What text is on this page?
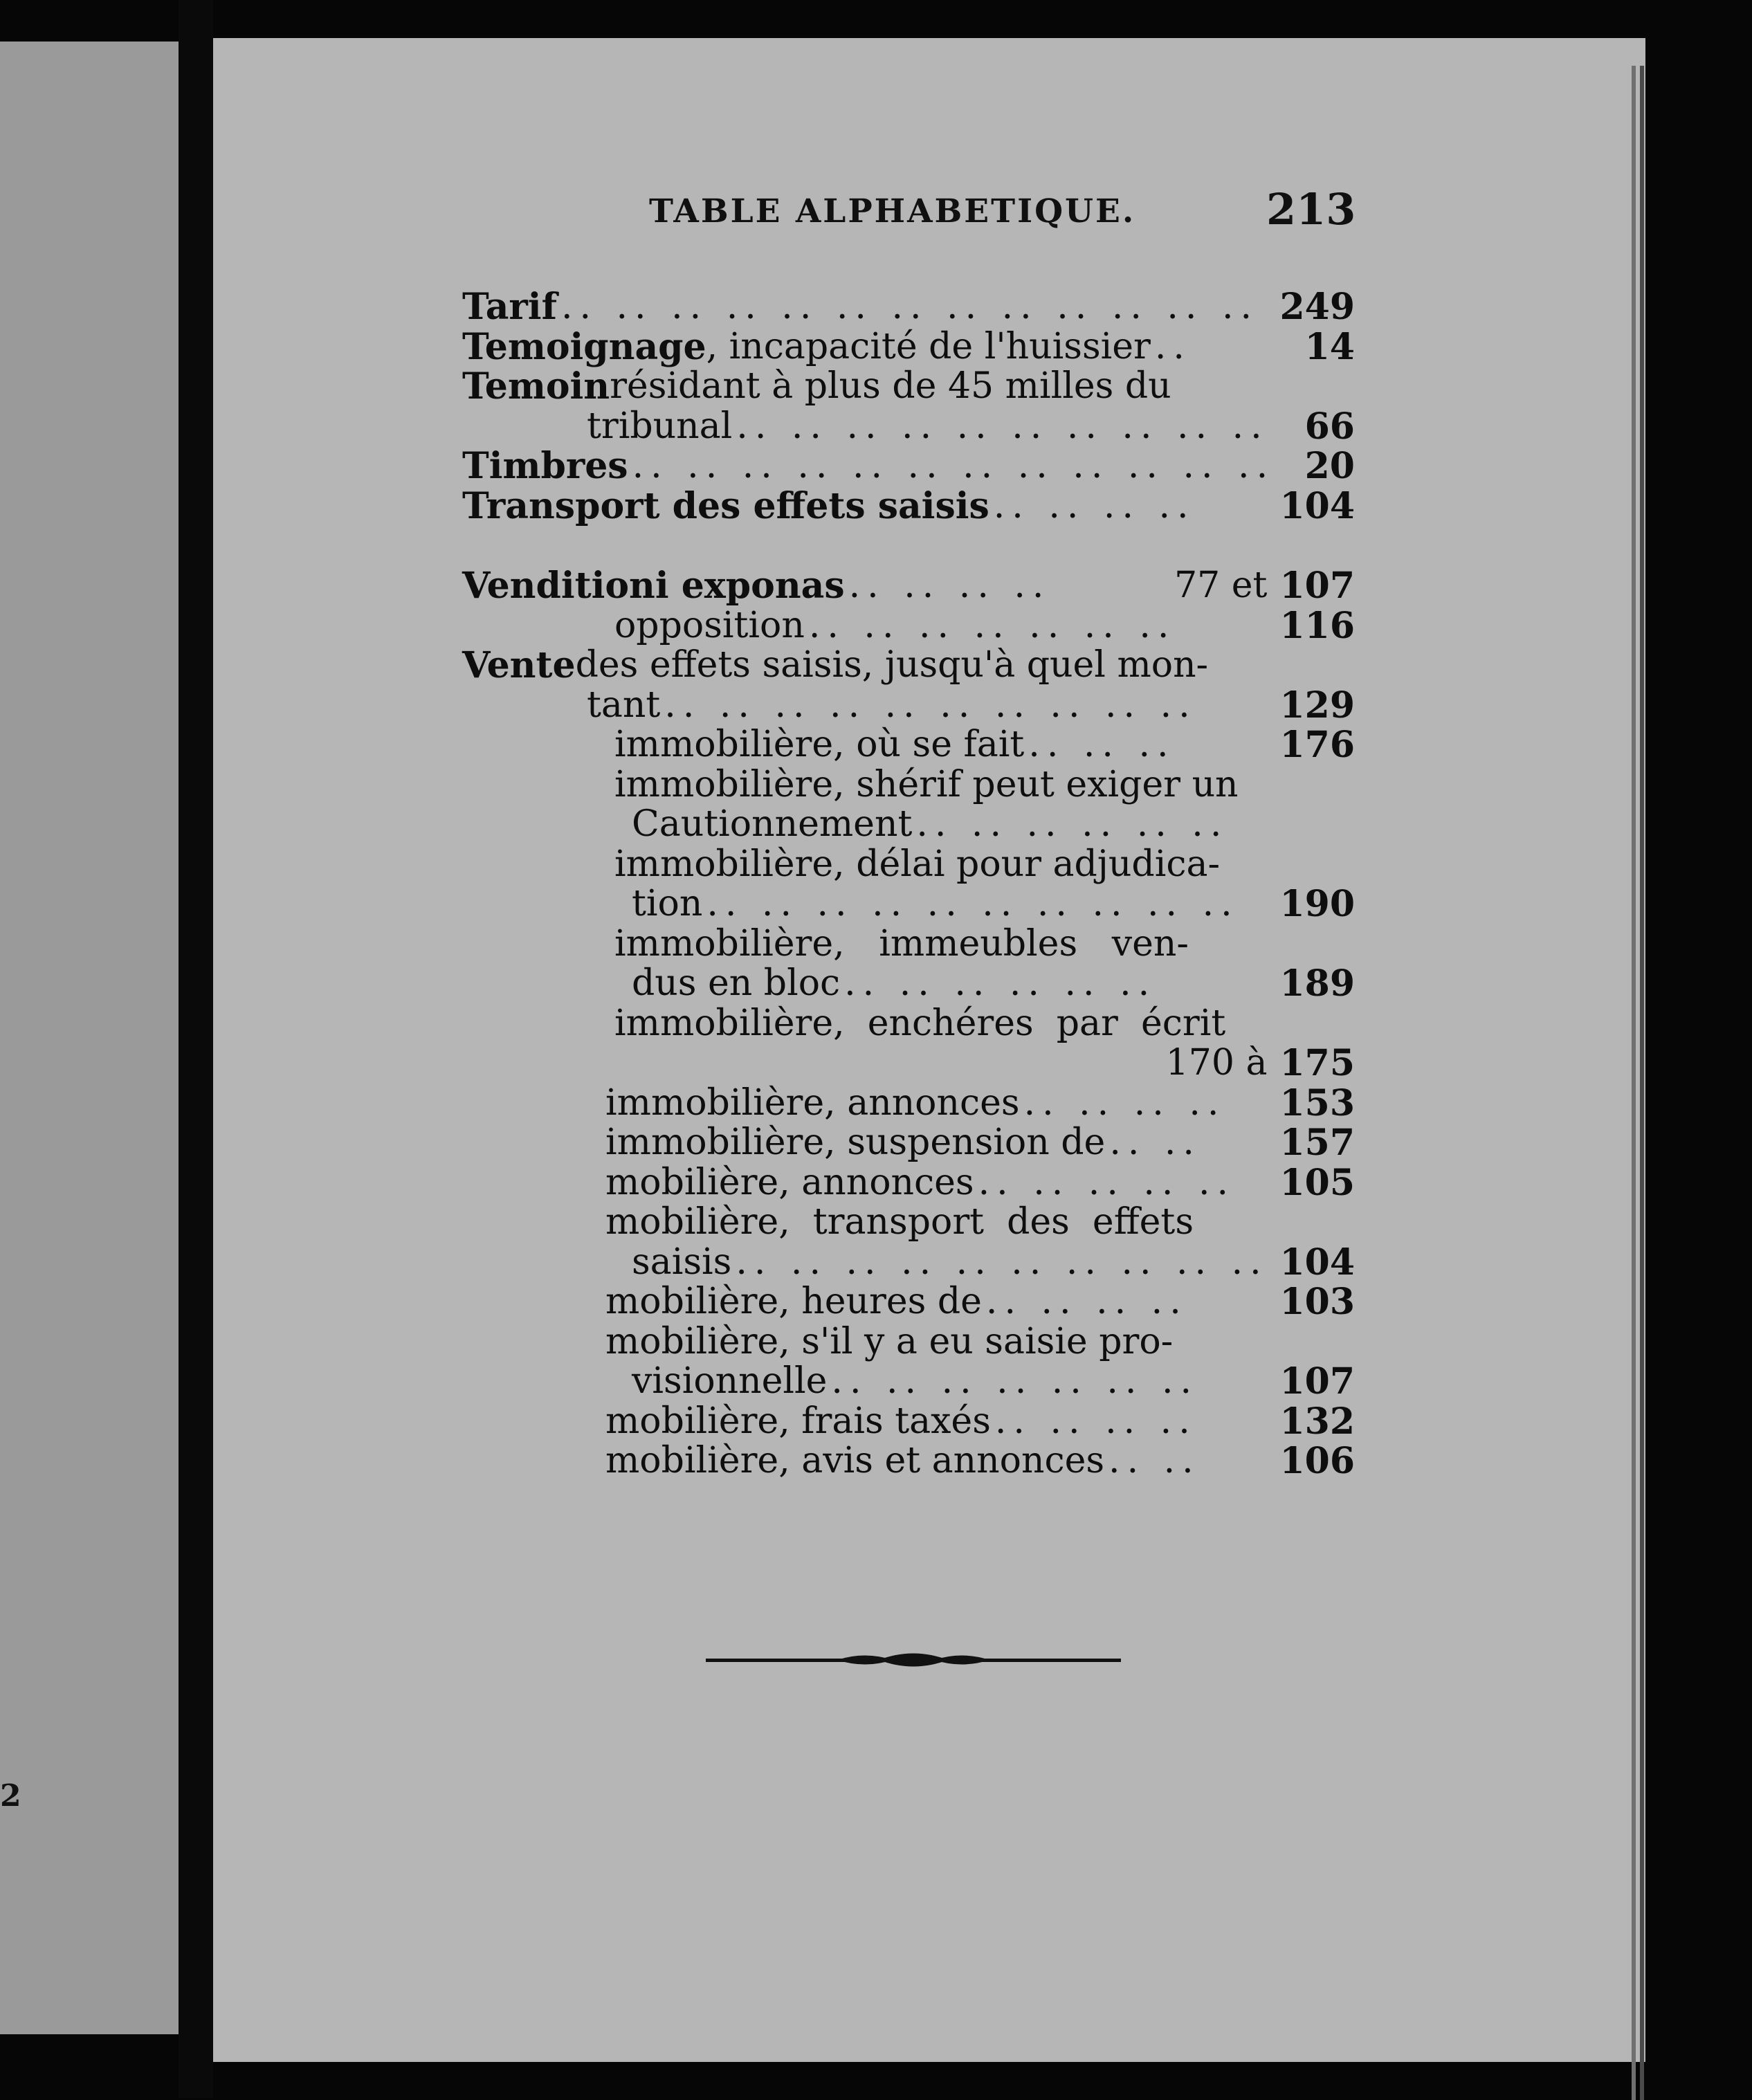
2
TABLE ALPHABETIQUE.	213
Tarif .. .. .. .. .. .. .. .. .. .. .. .. .. 249
Temoignage , incapacité de l'huissier ..	14
Temoin résidant à plus de 45 milles du
tribunal .. .. .. .. .. .. .. .. .. .. 66
Timbres .. .. .. .. .. .. .. .. .. .. .. .. 20
Transport des effets saisis .. .. .. ..	104
Venditioni exponas .. .. .. ..	77 et 107
opposition .. .. .. .. .. .. ..	116
Vente des effets saisis, jusqu'à quel mon-
tant .. .. .. .. .. .. .. .. .. ..	129
immobilière, où se fait .. .. ..	176
immobilière, shérif peut exiger un
Cautionnement .. .. .. .. .. ..
immobilière, délai pour adjudica-
tion .. .. .. .. .. .. .. .. .. ..	190
immobilière,   immeubles   ven-
dus en bloc .. .. .. .. .. ..	189
immobilière,  enchéres  par  écrit
170 à 175
immobilière, annonces .. .. .. ..	153
immobilière, suspension de .. ..	157
mobilière, annonces .. .. .. .. ..	105
mobilière,  transport  des  effets
saisis .. .. .. .. .. .. .. .. .. .. 104
mobilière, heures de .. .. .. ..	103
mobilière, s'il y a eu saisie pro-
visionnelle .. .. .. .. .. .. ..	107
mobilière, frais taxés .. .. .. ..	132
mobilière, avis et annonces .. ..	106
